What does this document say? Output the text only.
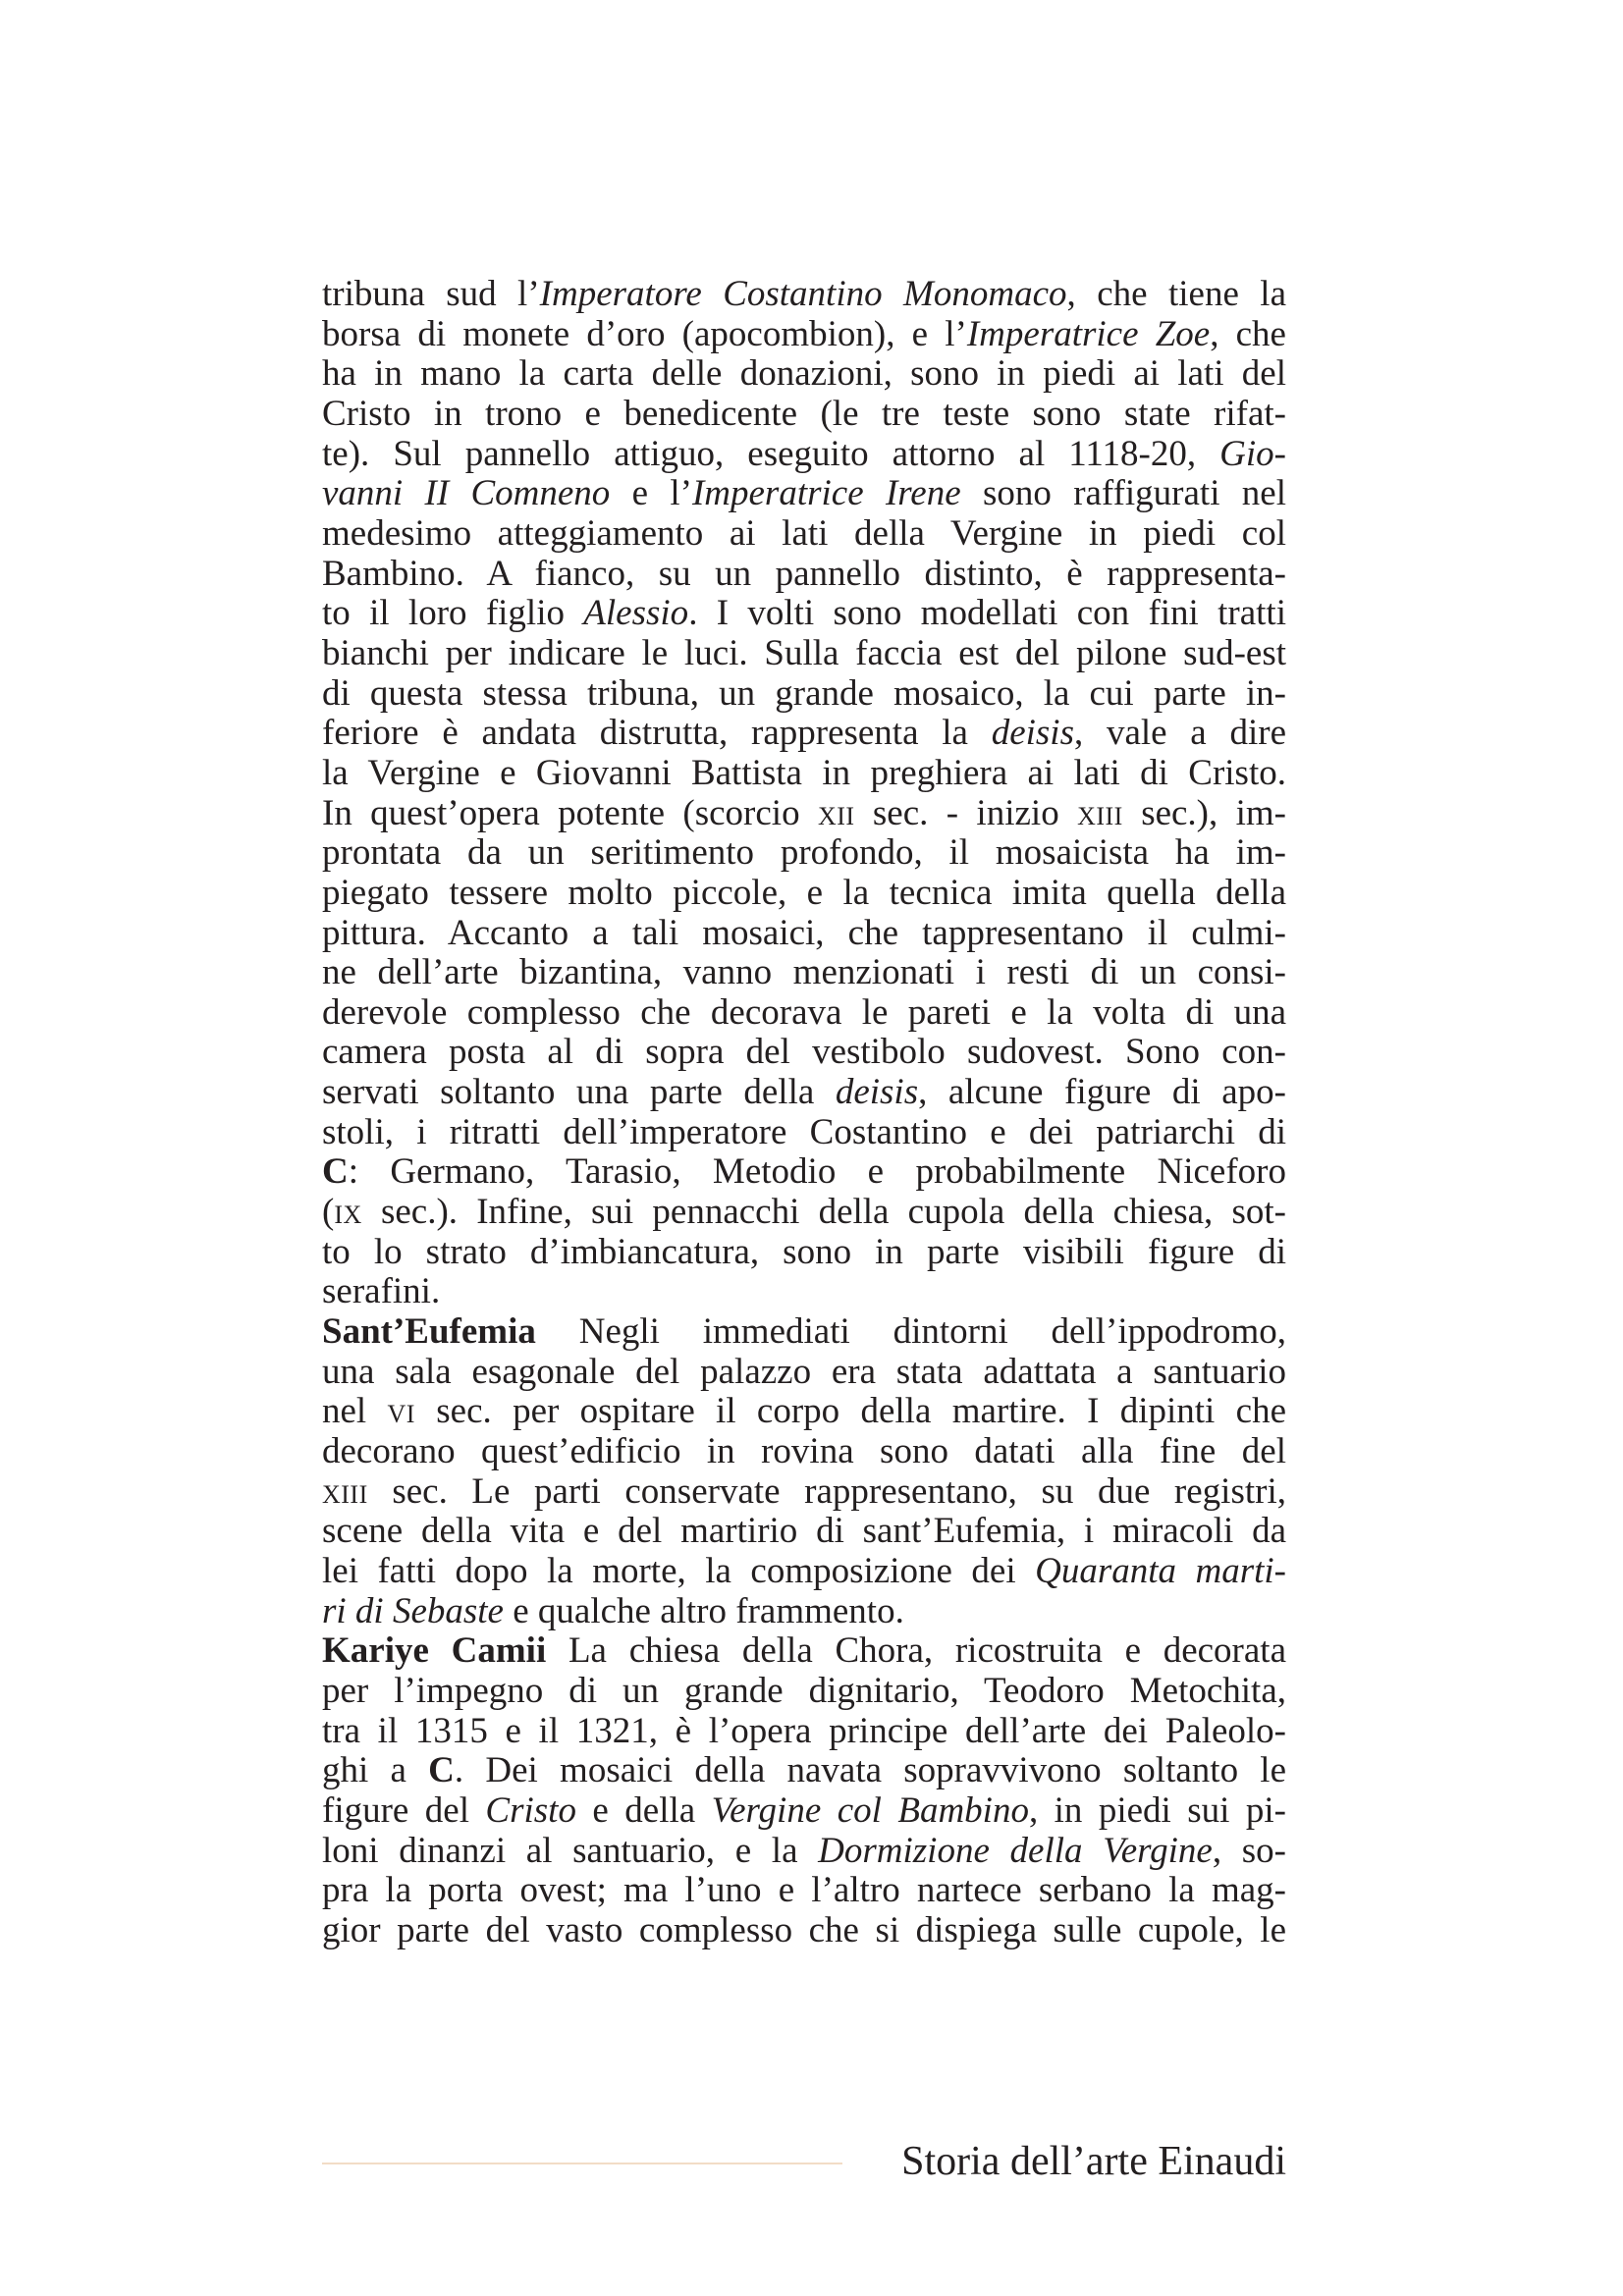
tribuna sud l’Imperatore Costantino Monomaco, che tiene la
borsa di monete d’oro (apocombion), e l’Imperatrice Zoe, che
ha in mano la carta delle donazioni, sono in piedi ai lati del
Cristo in trono e benedicente (le tre teste sono state rifat-
te). Sul pannello attiguo, eseguito attorno al 1118-20, Gio-
vanni II Comneno e l’Imperatrice Irene sono raffigurati nel
medesimo atteggiamento ai lati della Vergine in piedi col
Bambino. A fianco, su un pannello distinto, è rappresenta-
to il loro figlio Alessio. I volti sono modellati con fini tratti
bianchi per indicare le luci. Sulla faccia est del pilone sud-est
di questa stessa tribuna, un grande mosaico, la cui parte in-
feriore è andata distrutta, rappresenta la deisis, vale a dire
la Vergine e Giovanni Battista in preghiera ai lati di Cristo.
In quest’opera potente (scorcio xii sec. - inizio xiii sec.), im-
prontata da un seritimento profondo, il mosaicista ha im-
piegato tessere molto piccole, e la tecnica imita quella della
pittura. Accanto a tali mosaici, che tappresentano il culmi-
ne dell’arte bizantina, vanno menzionati i resti di un consi-
derevole complesso che decorava le pareti e la volta di una
camera posta al di sopra del vestibolo sudovest. Sono con-
servati soltanto una parte della deisis, alcune figure di apo-
stoli, i ritratti dell’imperatore Costantino e dei patriarchi di
C: Germano, Tarasio, Metodio e probabilmente Niceforo
(ix sec.). Infine, sui pennacchi della cupola della chiesa, sot-
to lo strato d’imbiancatura, sono in parte visibili figure di
serafini.
Sant’Eufemia Negli immediati dintorni dell’ippodromo,
una sala esagonale del palazzo era stata adattata a santuario
nel vi sec. per ospitare il corpo della martire. I dipinti che
decorano quest’edificio in rovina sono datati alla fine del
xiii sec. Le parti conservate rappresentano, su due registri,
scene della vita e del martirio di sant’Eufemia, i miracoli da
lei fatti dopo la morte, la composizione dei Quaranta marti-
ri di Sebaste e qualche altro frammento.
Kariye Camii La chiesa della Chora, ricostruita e decorata
per l’impegno di un grande dignitario, Teodoro Metochita,
tra il 1315 e il 1321, è l’opera principe dell’arte dei Paleolo-
ghi a C. Dei mosaici della navata sopravvivono soltanto le
figure del Cristo e della Vergine col Bambino, in piedi sui pi-
loni dinanzi al santuario, e la Dormizione della Vergine, so-
pra la porta ovest; ma l’uno e l’altro nartece serbano la mag-
gior parte del vasto complesso che si dispiega sulle cupole, le
Storia dell’arte Einaudi
